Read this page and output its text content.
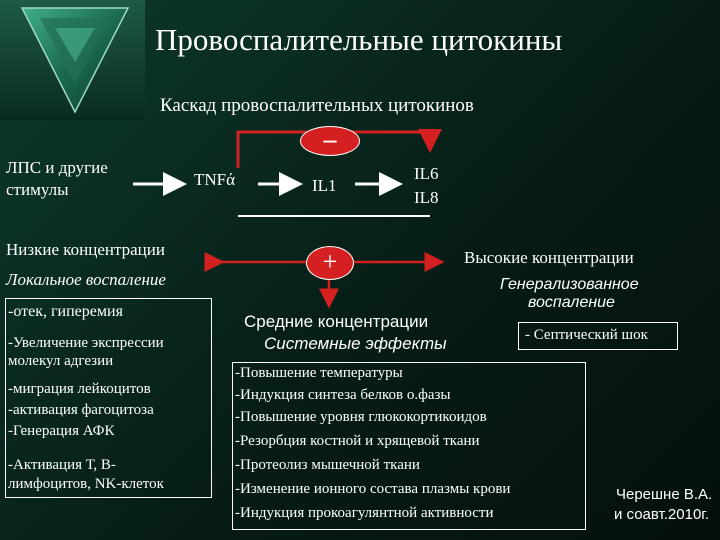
–
+
Провоспалительные цитокины
Каскад провоспалительных цитокинов
ЛПС и другие
стимулы
TNFά	IL1
IL6
IL8
Низкие концентрации
Локальное воспаление
-отек, гиперемия
-Увеличение экспрессии
молекул адгезии
-миграция лейкоцитов
-активация фагоцитоза
-Генерация АФК
-Активация Т, В-
лимфоцитов, NK-клеток
Средние концентрации
Системные эффекты
-Повышение температуры
-Индукция синтеза белков о.фазы
-Повышение уровня глюкокортикоидов
-Резорбция костной и хрящевой ткани
-Протеолиз мышечной ткани
-Изменение ионного состава плазмы крови
-Индукция прокоагулянтной активности
Высокие концентрации
Генерализованное
воспаление
- Септический шок
Черешне В.А.
и соавт.2010г.
